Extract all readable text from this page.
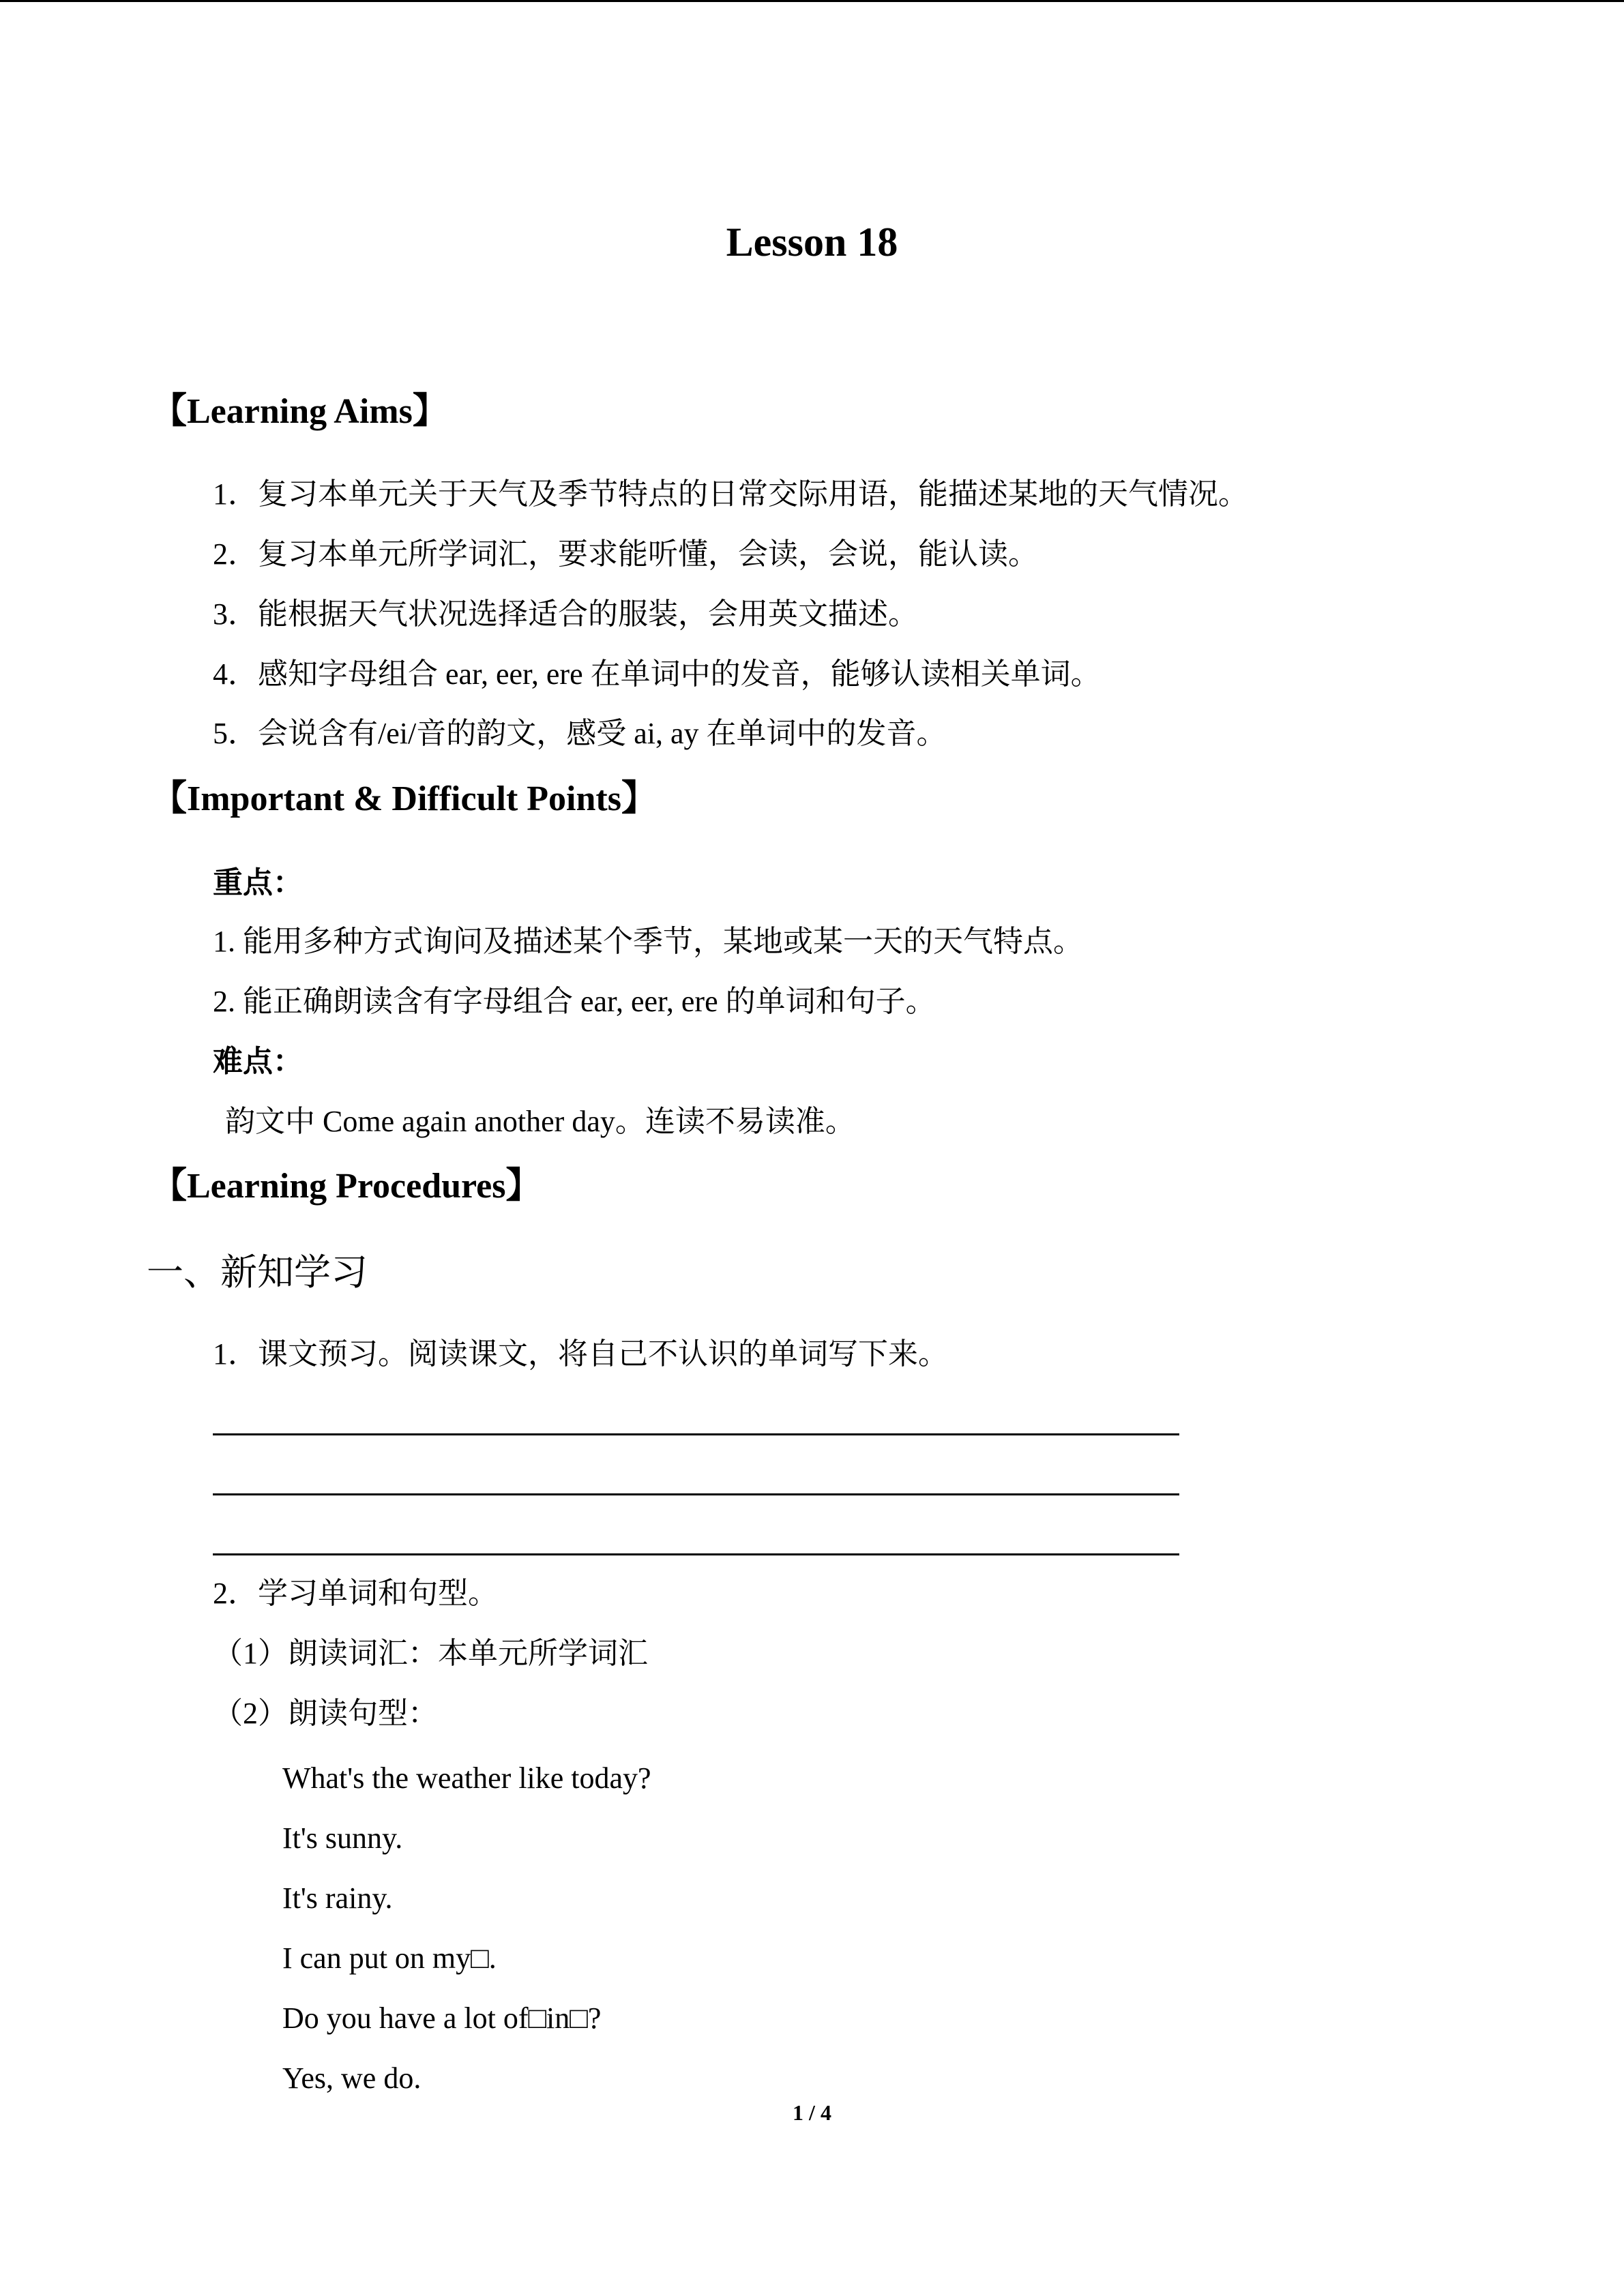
Lesson 18
【Learning Aims】
1．复习本单元关于天气及季节特点的日常交际用语，能描述某地的天气情况。
2．复习本单元所学词汇，要求能听懂，会读，会说，能认读。
3．能根据天气状况选择适合的服装，会用英文描述。
4．感知字母组合 ear, eer, ere 在单词中的发音，能够认读相关单词。
5．会说含有/ei/音的韵文，感受 ai, ay 在单词中的发音。
【Important & Difficult Points】
重点：
1. 能用多种方式询问及描述某个季节，某地或某一天的天气特点。
2. 能正确朗读含有字母组合 ear, eer, ere 的单词和句子。
难点：
韵文中 Come again another day。连读不易读准。
【Learning Procedures】
一、新知学习
1．课文预习。阅读课文，将自己不认识的单词写下来。
2．学习单词和句型。
（1）朗读词汇：本单元所学词汇
（2）朗读句型：
What's the weather like today?
It's sunny.
It's rainy.
I can put on my□.
Do you have a lot of□in□?
Yes, we do.
1 / 4
